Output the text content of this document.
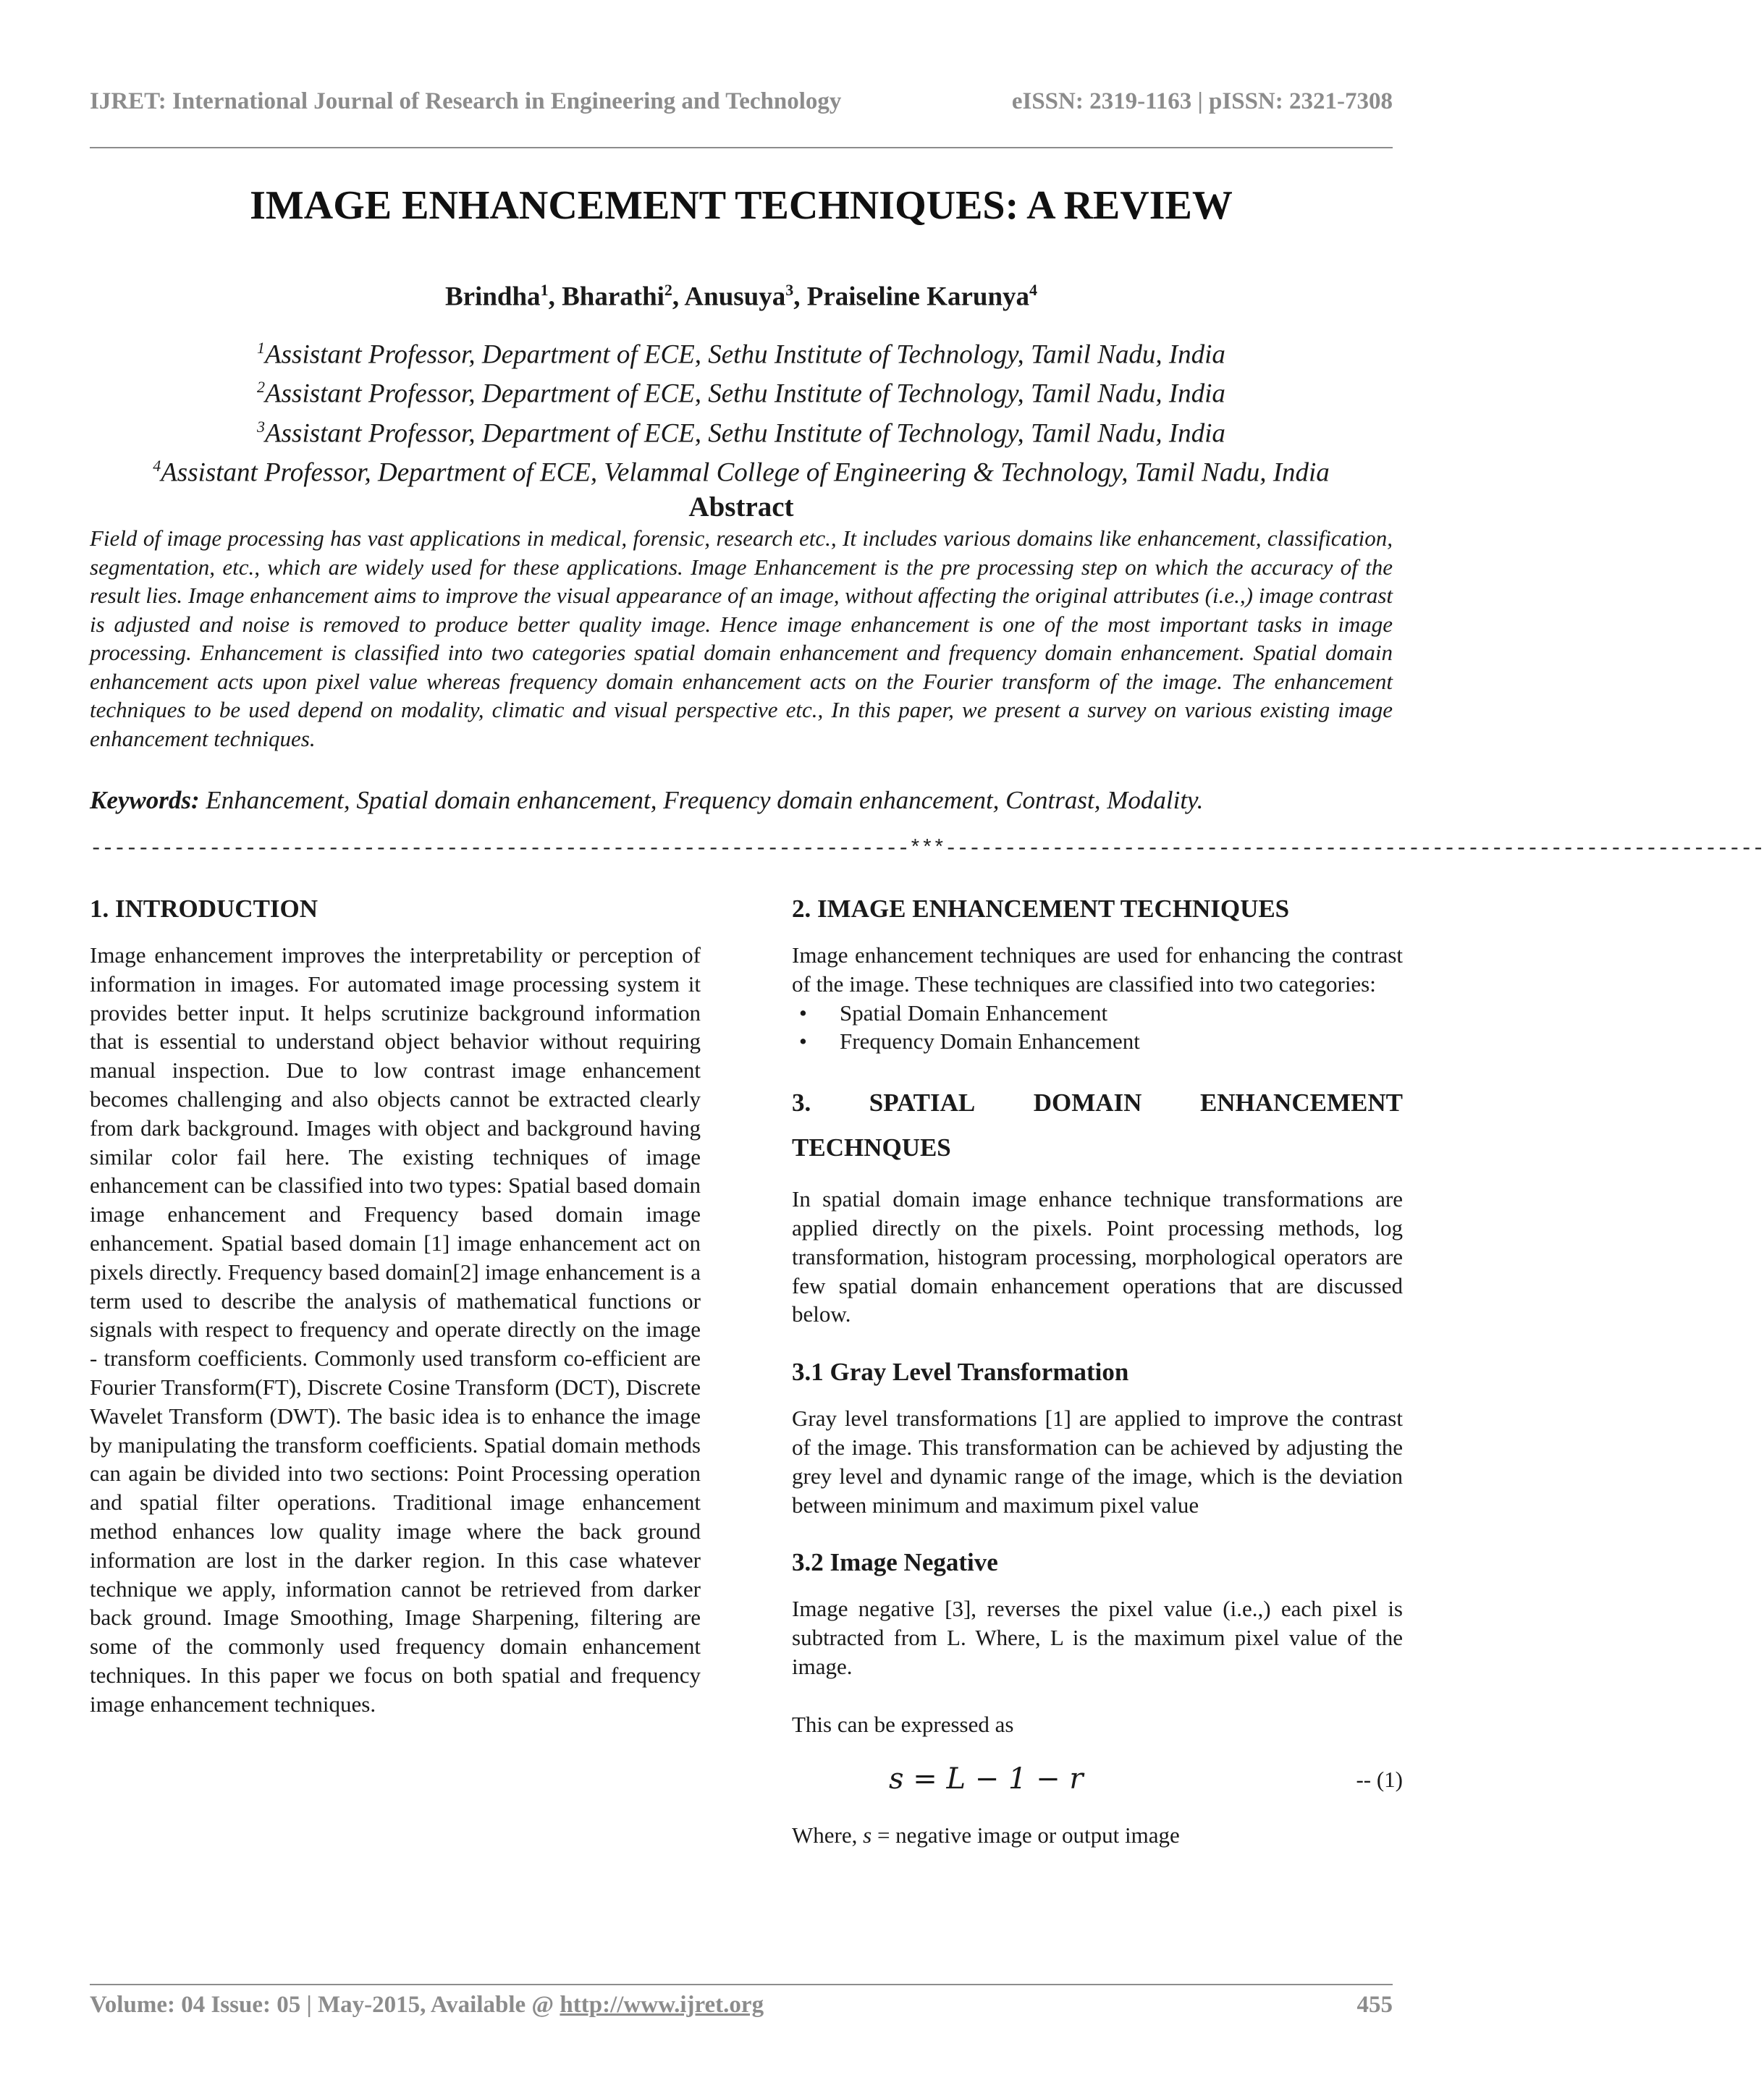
IJRET: International Journal of Research in Engineering and Technology	eISSN: 2319-1163 | pISSN: 2321-7308
IMAGE ENHANCEMENT TECHNIQUES: A REVIEW
Brindha$^1$, Bharathi$^2$, Anusuya$^3$, Praiseline Karunya$^4$
$^1$Assistant Professor, Department of ECE, Sethu Institute of Technology, Tamil Nadu, India
$^2$Assistant Professor, Department of ECE, Sethu Institute of Technology, Tamil Nadu, India
$^3$Assistant Professor, Department of ECE, Sethu Institute of Technology, Tamil Nadu, India
$^4$Assistant Professor, Department of ECE, Velammal College of Engineering & Technology, Tamil Nadu, India
Abstract
Field of image processing has vast applications in medical, forensic, research etc., It includes various domains like enhancement, classification, segmentation, etc., which are widely used for these applications. Image Enhancement is the pre processing step on which the accuracy of the result lies. Image enhancement aims to improve the visual appearance of an image, without affecting the original attributes (i.e.,) image contrast is adjusted and noise is removed to produce better quality image. Hence image enhancement is one of the most important tasks in image processing. Enhancement is classified into two categories spatial domain enhancement and frequency domain enhancement. Spatial domain enhancement acts upon pixel value whereas frequency domain enhancement acts on the Fourier transform of the image. The enhancement techniques to be used depend on modality, climatic and visual perspective etc., In this paper, we present a survey on various existing image enhancement techniques.
Keywords: Enhancement, Spatial domain enhancement, Frequency domain enhancement, Contrast, Modality.
---------------------------------------------------------------------***---------------------------------------------------------------------
1. INTRODUCTION

Image enhancement improves the interpretability or perception of information in images. For automated image processing system it provides better input. It helps scrutinize background information that is essential to understand object behavior without requiring manual inspection. Due to low contrast image enhancement becomes challenging and also objects cannot be extracted clearly from dark background. Images with object and background having similar color fail here. The existing techniques of image enhancement can be classified into two types: Spatial based domain image enhancement and Frequency based domain image enhancement. Spatial based domain [1] image enhancement act on pixels directly. Frequency based domain[2] image enhancement is a term used to describe the analysis of mathematical functions or signals with respect to frequency and operate directly on the image - transform coefficients. Commonly used transform co-efficient are Fourier Transform(FT), Discrete Cosine Transform (DCT), Discrete Wavelet Transform (DWT). The basic idea is to enhance the image by manipulating the transform coefficients. Spatial domain methods can again be divided into two sections: Point Processing operation and spatial filter operations. Traditional image enhancement method enhances low quality image where the back ground information are lost in the darker region. In this case whatever technique we apply, information cannot be retrieved from darker back ground. Image Smoothing, Image Sharpening, filtering are some of the commonly used frequency domain enhancement techniques. In this paper we focus on both spatial and frequency image enhancement techniques.

2. IMAGE ENHANCEMENT TECHNIQUES

Image enhancement techniques are used for enhancing the contrast of the image. These techniques are classified into two categories:

• Spatial Domain Enhancement
• Frequency Domain Enhancement
3. SPATIAL DOMAIN ENHANCEMENT
TECHNQUES

In spatial domain image enhance technique transformations are applied directly on the pixels. Point processing methods, log transformation, histogram processing, morphological operators are few spatial domain enhancement operations that are discussed below.

3.1 Gray Level Transformation

Gray level transformations [1] are applied to improve the contrast of the image. This transformation can be achieved by adjusting the grey level and dynamic range of the image, which is the deviation between minimum and maximum pixel value

3.2 Image Negative

Image negative [3], reverses the pixel value (i.e.,) each pixel is subtracted from L. Where, L is the maximum pixel value of the image.

This can be expressed as

s = L − 1 − r	-- (1)

Where, s = negative image or output image

Volume: 04 Issue: 05 | May-2015, Available @ http://www.ijret.org	455
